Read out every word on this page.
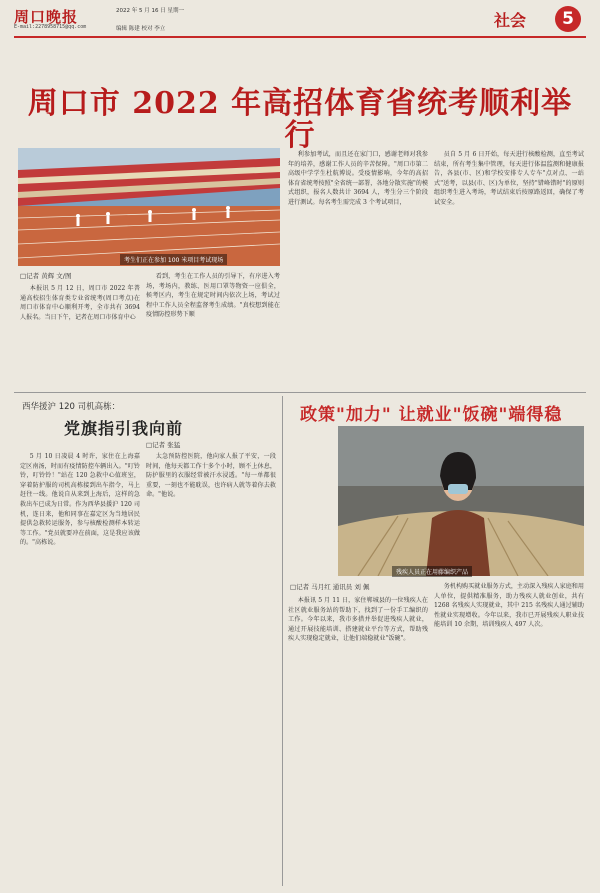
周口晚报
E-mail:2278958715@qq.com
2022 年 5 月 16 日 星期一
编辑 陈建 校对 李立	社会	5
周口市 2022 年高招体育省统考顺利举行
考生们正在参加 100 米项目考试现场
□记者 黄辉 文/图
本报讯 5 月 12 日，周口市 2022 年普通高校招生体育类专业省统考(周口考点)在周口市体育中心顺利开考，全市共有 3694 人报名。当日下午，记者在周口市体育中心
看到，考生在工作人员的引导下，有序进入考场，考场内，教练、医用口罩等物资一应俱全，候考区内，考生在规定时间内依次上场，考试过程中工作人员全程监督考生成绩。"真校想到能在疫情防控形势下顺
利参加考试，而且还在家门口，感谢老师对我参年的培养，感谢工作人员的辛苦保障。"周口市第二高级中学学生杜航博说。受疫情影响，今年的高招体育省统考按照"全省统一部署，各地分散实施"的模式组织，报名人数共计 3694 人，考生分三个阶段进行测试。每名考生需完成 3 个考试项目，
员自 5 月 6 日开始，每天进行核酸检测，直至考试结束，所有考生集中管理，每天进行体温监测和健康报告，各县(市、区)和学校安排专人专车"点对点、一站式"送考，以县(市、区)为单位，坚持"错峰错时"的原则组织考生进入考场，考试结束后按原路返回，确保了考试安全。
西华援沪 120 司机高栋：
党旗指引我向前
□记者 张猛
5 月 10 日凌晨 4 时许，家住在上海嘉定区南汤，时而有疫情防控车辆出入。"叮铃铃，叮铃铃！"站在 120 急救中心值班室，穿着防护服的司机高栋接到出车指令，马上赶往一线。他说自从来到上海后，这样的急救出车已成为日常。作为西华县援沪 120 司机，连日来，他和同事在嘉定区为当地居民提供急救转运服务，参与核酸检测样本转运等工作。"党员就要冲在前面，这是我应该做的。"高栋说。
太急预防控医院，他向家人报了平安，一段时间，他每天都工作十多个小时，顾不上休息，防护服里的衣服经常被汗水浸透。"每一单都很重要，一刻也不能耽误，也许病人就等着你去救命。"他说。
政策"加力" 让就业"饭碗"端得稳
残疾人员正在用藤编织产品
□记者 马月红 通讯员 刘 佩
本报讯 5 月 11 日，家住郸城县的一位残疾人在社区就业服务站的帮助下，找到了一份手工编织的工作。今年以来，我市多措并举促进残疾人就业，通过开展技能培训、搭建就业平台等方式，帮助残疾人实现稳定就业，让他们端稳就业"饭碗"。
务机构购买就业服务方式，主动深入残疾人家庭和用人单位，提供精准服务，助力残疾人就业创业，共有 1268 名残疾人实现就业，其中 215 名残疾人通过辅助性就业实现增收。今年以来，我市已开展残疾人职业技能培训 10 余期，培训残疾人 497 人次。
